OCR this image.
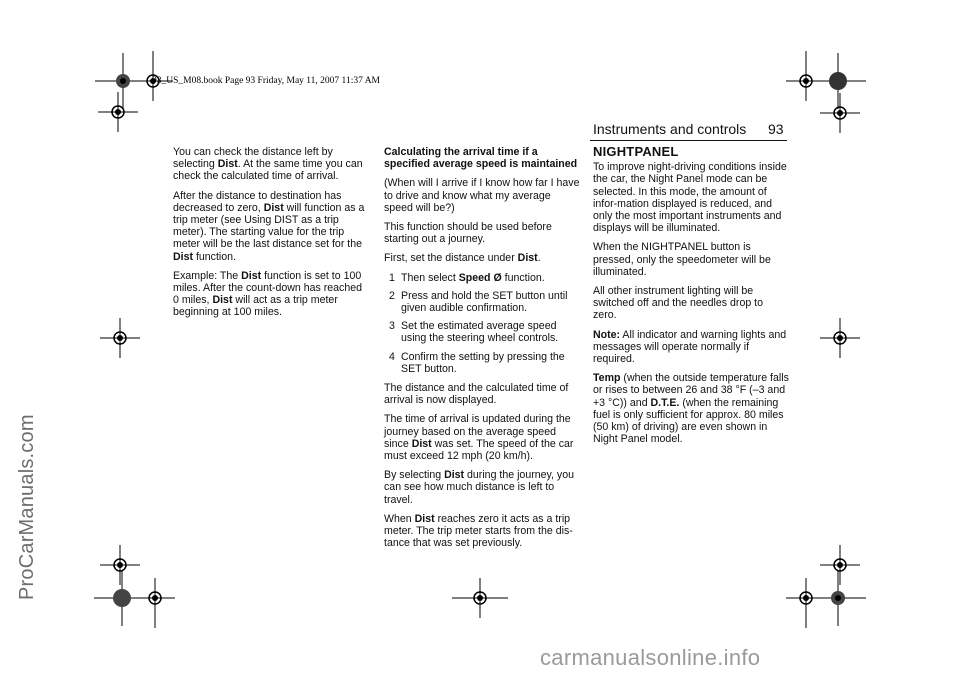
93_US_M08.book Page 93 Friday, May 11, 2007 11:37 AM
ProCarManuals.com
carmanualsonline.info
Instruments and controls 93

You can check the distance left by selecting Dist. At the same time you can check the calculated time of arrival.

After the distance to destination has decreased to zero, Dist will function as a trip meter (see Using DIST as a trip meter). The starting value for the trip meter will be the last distance set for the Dist function.

Example: The Dist function is set to 100 miles. After the count-down has reached 0 miles, Dist will act as a trip meter beginning at 100 miles.

Calculating the arrival time if a specified average speed is maintained

(When will I arrive if I know how far I have to drive and know what my average speed will be?)

This function should be used before starting out a journey.

First, set the distance under Dist.

1 Then select Speed Ø function.
2 Press and hold the SET button until given audible confirmation.
3 Set the estimated average speed using the steering wheel controls.
4 Confirm the setting by pressing the SET button.

The distance and the calculated time of arrival is now displayed.

The time of arrival is updated during the journey based on the average speed since Dist was set. The speed of the car must exceed 12 mph (20 km/h).

By selecting Dist during the journey, you can see how much distance is left to travel.

When Dist reaches zero it acts as a trip meter. The trip meter starts from the dis-tance that was set previously.

NIGHTPANEL

To improve night-driving conditions inside the car, the Night Panel mode can be selected. In this mode, the amount of infor-mation displayed is reduced, and only the most important instruments and displays will be illuminated.

When the NIGHTPANEL button is pressed, only the speedometer will be illuminated.

All other instrument lighting will be switched off and the needles drop to zero.

Note: All indicator and warning lights and messages will operate normally if required.

Temp (when the outside temperature falls or rises to between 26 and 38 °F (–3 and +3 °C)) and D.T.E. (when the remaining fuel is only sufficient for approx. 80 miles (50 km) of driving) are even shown in Night Panel model.
